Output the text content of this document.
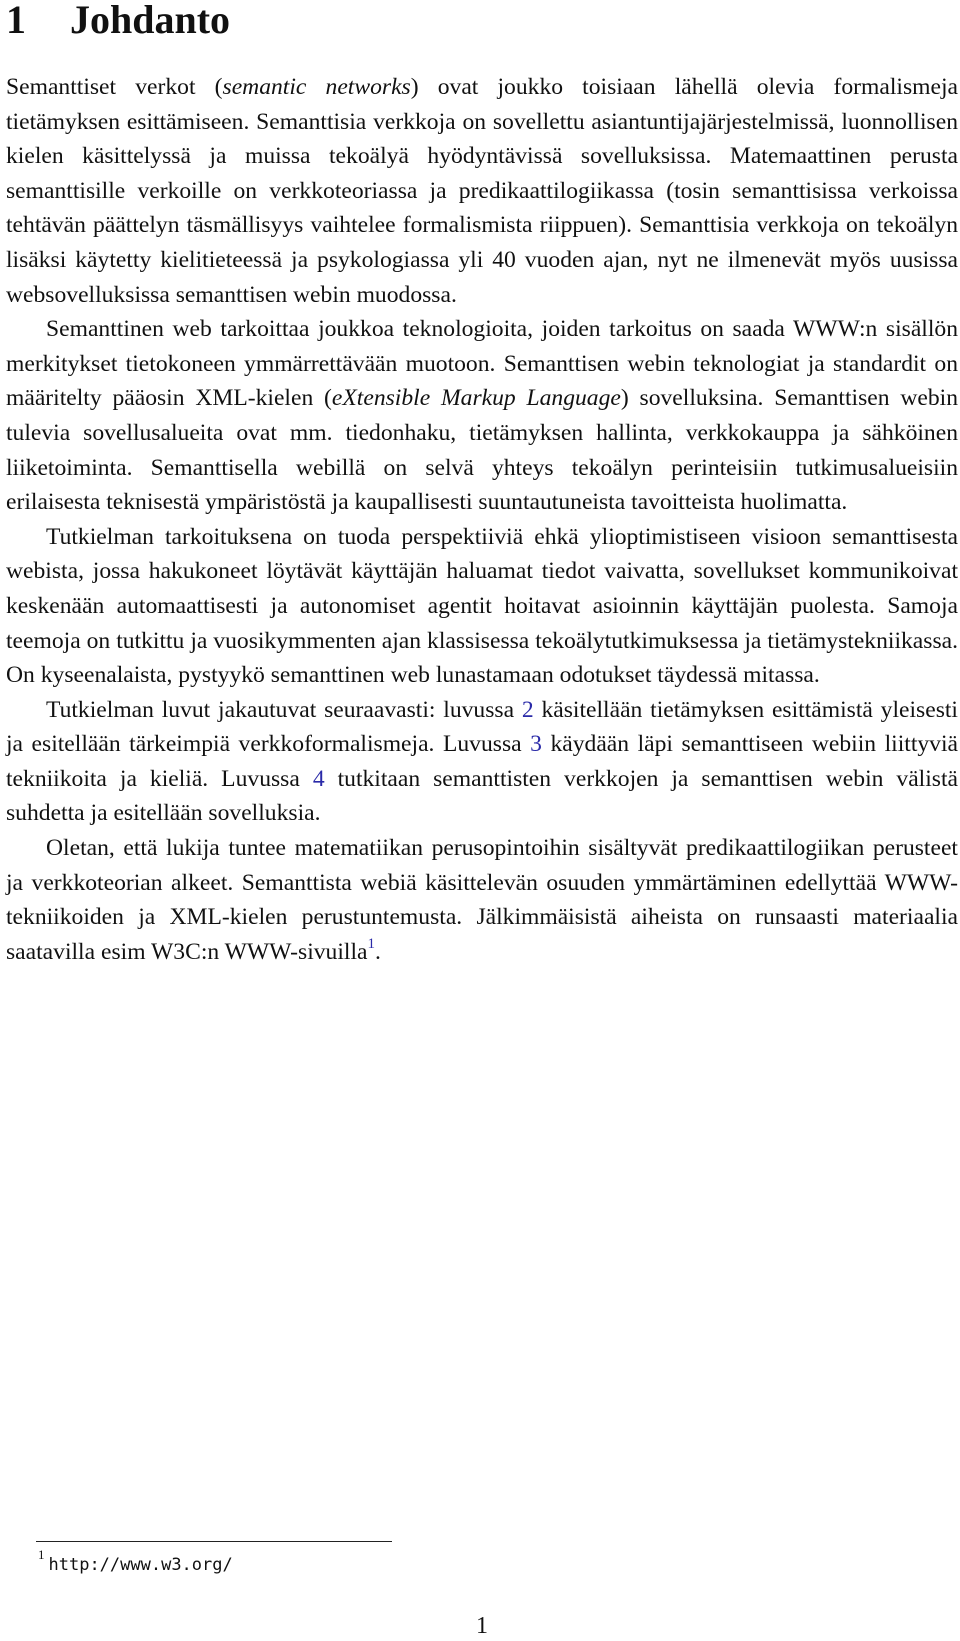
1 Johdanto

Semanttiset verkot (semantic networks) ovat joukko toisiaan lähellä olevia formalismeja tietämyksen esittämiseen. Semanttisia verkkoja on sovellettu asiantuntijajärjestelmissä, luonnollisen kielen käsittelyssä ja muissa tekoälyä hyödyntävissä sovelluksissa. Matemaattinen perusta semanttisille verkoille on verkkoteoriassa ja predikaattilogiikassa (tosin semanttisissa verkoissa tehtävän päättelyn täsmällisyys vaihtelee formalismista riippuen). Semanttisia verkkoja on tekoälyn lisäksi käytetty kielitieteessä ja psykologiassa yli 40 vuoden ajan, nyt ne ilmenevät myös uusissa websovelluksissa semanttisen webin muodossa.

Semanttinen web tarkoittaa joukkoa teknologioita, joiden tarkoitus on saada WWW:n sisällön merkitykset tietokoneen ymmärrettävään muotoon. Semanttisen webin teknologiat ja standardit on määritelty pääosin XML-kielen (eXtensible Markup Language) sovelluksina. Semanttisen webin tulevia sovellusalueita ovat mm. tiedonhaku, tietämyksen hallinta, verkkokauppa ja sähköinen liiketoiminta. Semanttisella webillä on selvä yhteys tekoälyn perinteisiin tutkimusalueisiin erilaisesta teknisestä ympäristöstä ja kaupallisesti suuntautuneista tavoitteista huolimatta.

Tutkielman tarkoituksena on tuoda perspektiiviä ehkä ylioptimistiseen visioon semanttisesta webista, jossa hakukoneet löytävät käyttäjän haluamat tiedot vaivatta, sovellukset kommunikoivat keskenään automaattisesti ja autonomiset agentit hoitavat asioinnin käyttäjän puolesta. Samoja teemoja on tutkittu ja vuosikymmenten ajan klassisessa tekoälytutkimuksessa ja tietämystekniikassa. On kyseenalaista, pystyykö semanttinen web lunastamaan odotukset täydessä mitassa.

Tutkielman luvut jakautuvat seuraavasti: luvussa 2 käsitellään tietämyksen esittämistä yleisesti ja esitellään tärkeimpiä verkkoformalismeja. Luvussa 3 käydään läpi semanttiseen webiin liittyviä tekniikoita ja kieliä. Luvussa 4 tutkitaan semanttisten verkkojen ja semanttisen webin välistä suhdetta ja esitellään sovelluksia.

Oletan, että lukija tuntee matematiikan perusopintoihin sisältyvät predikaattilogiikan perusteet ja verkkoteorian alkeet. Semanttista webiä käsittelevän osuuden ymmärtäminen edellyttää WWW-tekniikoiden ja XML-kielen perustuntemusta. Jälkimmäisistä aiheista on runsaasti materiaalia saatavilla esim W3C:n WWW-sivuilla$^1$.

$^1$http://www.w3.org/
1
